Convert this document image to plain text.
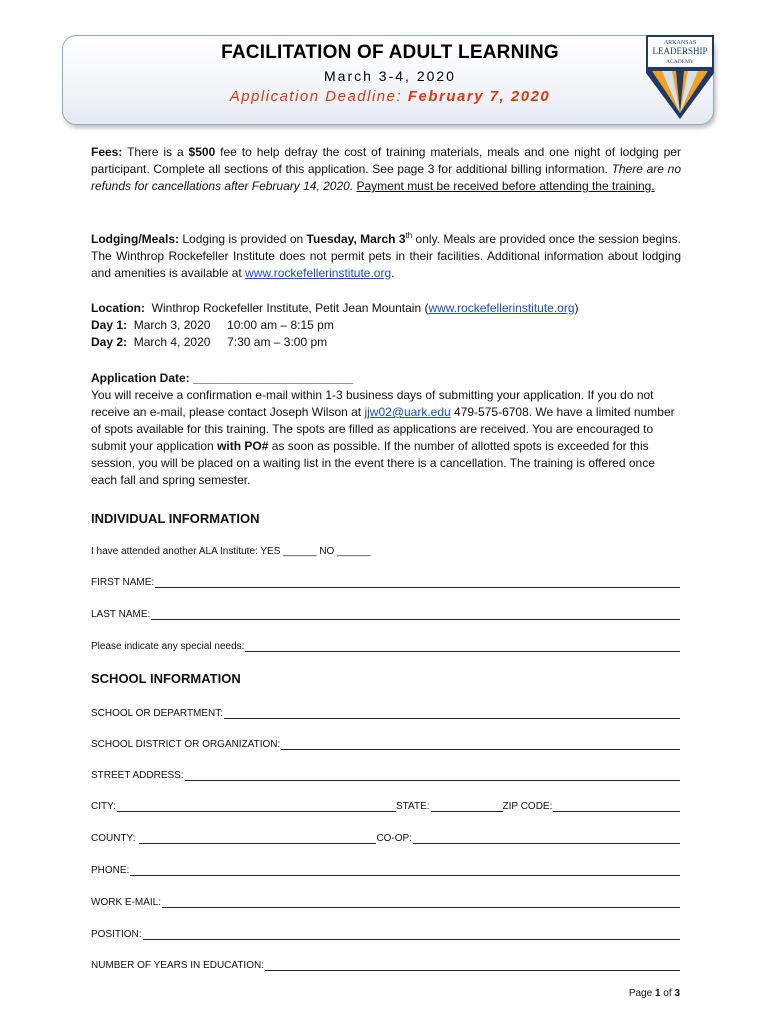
FACILITATION OF ADULT LEARNING
March 3-4, 2020
Application Deadline: February 7, 2020
ARKANSAS
LEADERSHIP
ACADEMY

Fees: There is a $500 fee to help defray the cost of training materials, meals and one night of lodging per participant. Complete all sections of this application. See page 3 for additional billing information. There are no refunds for cancellations after February 14, 2020. Payment must be received before attending the training.

Lodging/Meals: Lodging is provided on Tuesday, March 3th only. Meals are provided once the session begins. The Winthrop Rockefeller Institute does not permit pets in their facilities. Additional information about lodging and amenities is available at www.rockefellerinstitute.org.

Location:  Winthrop Rockefeller Institute, Petit Jean Mountain (www.rockefellerinstitute.org)

Day 1:  March 3, 2020     10:00 am – 8:15 pm

Day 2:  March 4, 2020     7:30 am – 3:00 pm

Application Date: ________________________

You will receive a confirmation e-mail within 1-3 business days of submitting your application. If you do not receive an e-mail, please contact Joseph Wilson at jjw02@uark.edu 479-575-6708. We have a limited number of spots available for this training. The spots are filled as applications are received. You are encouraged to submit your application with PO# as soon as possible. If the number of allotted spots is exceeded for this session, you will be placed on a waiting list in the event there is a cancellation. The training is offered once each fall and spring semester.

INDIVIDUAL INFORMATION
I have attended another ALA Institute: YES ______ NO ______
FIRST NAME:
LAST NAME:
Please indicate any special needs:
SCHOOL INFORMATION
SCHOOL OR DEPARTMENT:
SCHOOL DISTRICT OR ORGANIZATION:
STREET ADDRESS:
CITY:	STATE:	ZIP CODE:
COUNTY:	CO-OP:
PHONE:
WORK E-MAIL:
POSITION:
NUMBER OF YEARS IN EDUCATION:
Page 1 of 3
